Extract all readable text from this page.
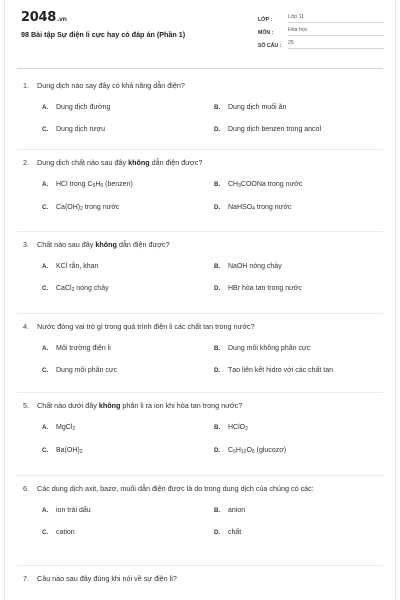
2048.vn
98 Bài tập Sự điện li cực hay có đáp án (Phần 1)
LỚP :	Lớp 11
MÔN :	Hóa học
SỐ CÂU :	25
1.	Dung dịch nào say đây có khả năng dẫn điện?
A.	Dung dịch đường	B.	Dung dịch muối ăn
C.	Dung dịch rượu	D.	Dung dịch benzen trong ancol
2.	Dung dịch chất nào sau đây không dẫn điện được?
A.	HCl trong $C_6H_6$ (benzen)	B.	$CH_3COONa$ trong nước
C.	$Ca(OH)_2$ trong nước	D.	NaHSO$_4$ trong nước
3.	Chất nào sau đây không dẫn điện được?
A.	KCl rắn, khan	B.	NaOH nóng chảy
C.	CaCl$_2$ nóng chảy	D.	HBr hòa tan trong nước
4.	Nước đóng vai trò gì trong quá trình điện li các chất tan trong nước?
A.	Môi trường điện li	B.	Dung môi không phân cực
C.	Dung môi phân cực	D.	Tạo liên kết hidro với các chất tan
5.	Chất nào dưới đây không phân li ra ion khi hòa tan trong nước?
A.	MgCl$_2$	B.	HClO$_2$
C.	$Ba(OH)_2$	D.	$C_6H_{12}O_6$ (glucozơ)
6.	Các dung dịch axit, bazơ, muối dẫn điện được là do trong dung dịch của chúng có các:
A.	ion trái dấu	B.	anion
C.	cation	D.	chất
7.	Câu nào sau đây đúng khi nói về sự điện li?
